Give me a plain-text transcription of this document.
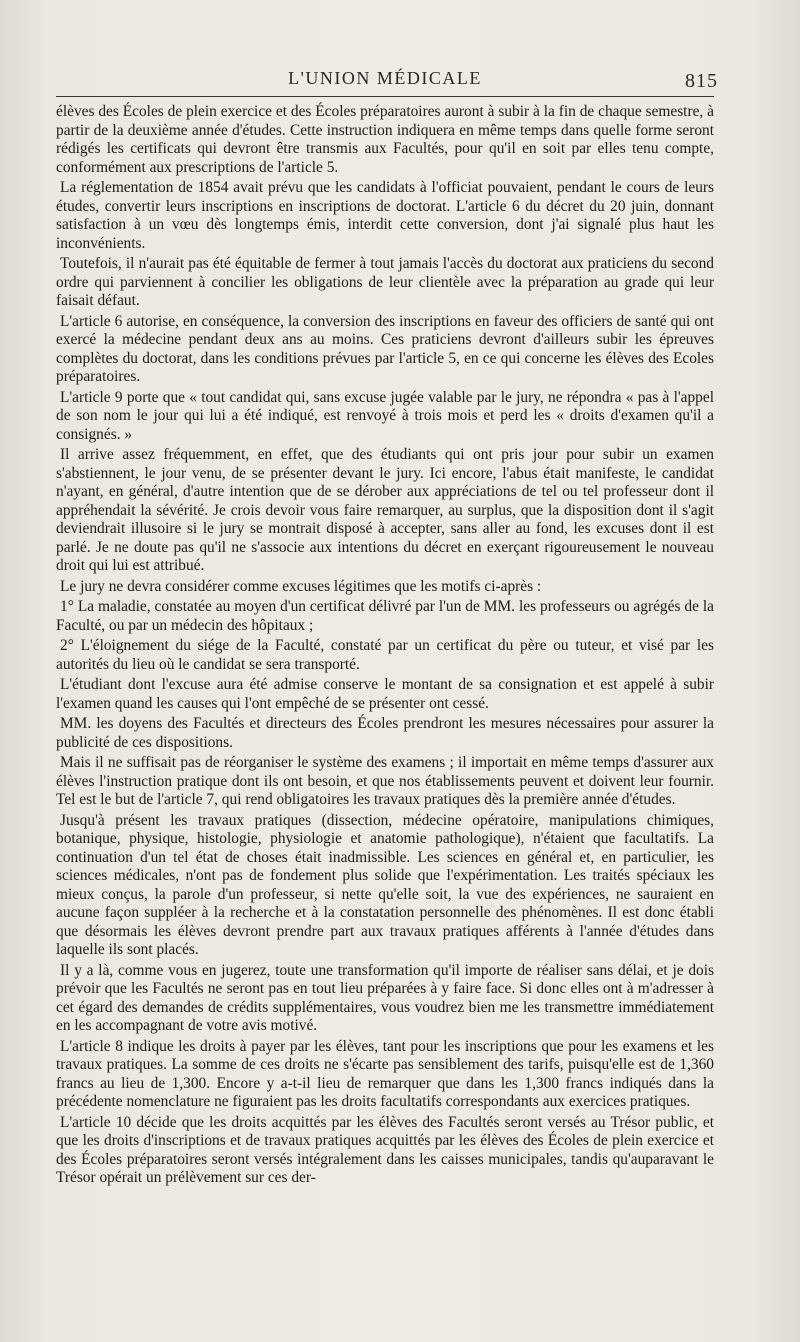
L'UNION MÉDICALE	815

élèves des Écoles de plein exercice et des Écoles préparatoires auront à subir à la fin de chaque semestre, à partir de la deuxième année d'études. Cette instruction indiquera en même temps dans quelle forme seront rédigés les certificats qui devront être transmis aux Facultés, pour qu'il en soit par elles tenu compte, conformément aux prescriptions de l'article 5.

La réglementation de 1854 avait prévu que les candidats à l'officiat pouvaient, pendant le cours de leurs études, convertir leurs inscriptions en inscriptions de doctorat. L'article 6 du décret du 20 juin, donnant satisfaction à un vœu dès longtemps émis, interdit cette conversion, dont j'ai signalé plus haut les inconvénients.

Toutefois, il n'aurait pas été équitable de fermer à tout jamais l'accès du doctorat aux praticiens du second ordre qui parviennent à concilier les obligations de leur clientèle avec la préparation au grade qui leur faisait défaut.

L'article 6 autorise, en conséquence, la conversion des inscriptions en faveur des officiers de santé qui ont exercé la médecine pendant deux ans au moins. Ces praticiens devront d'ailleurs subir les épreuves complètes du doctorat, dans les conditions prévues par l'article 5, en ce qui concerne les élèves des Ecoles préparatoires.

L'article 9 porte que « tout candidat qui, sans excuse jugée valable par le jury, ne répondra « pas à l'appel de son nom le jour qui lui a été indiqué, est renvoyé à trois mois et perd les « droits d'examen qu'il a consignés. »

Il arrive assez fréquemment, en effet, que des étudiants qui ont pris jour pour subir un examen s'abstiennent, le jour venu, de se présenter devant le jury. Ici encore, l'abus était manifeste, le candidat n'ayant, en général, d'autre intention que de se dérober aux appréciations de tel ou tel professeur dont il appréhendait la sévérité. Je crois devoir vous faire remarquer, au surplus, que la disposition dont il s'agit deviendrait illusoire si le jury se montrait disposé à accepter, sans aller au fond, les excuses dont il est parlé. Je ne doute pas qu'il ne s'associe aux intentions du décret en exerçant rigoureusement le nouveau droit qui lui est attribué.

Le jury ne devra considérer comme excuses légitimes que les motifs ci-après :

1° La maladie, constatée au moyen d'un certificat délivré par l'un de MM. les professeurs ou agrégés de la Faculté, ou par un médecin des hôpitaux ;

2° L'éloignement du siége de la Faculté, constaté par un certificat du père ou tuteur, et visé par les autorités du lieu où le candidat se sera transporté.

L'étudiant dont l'excuse aura été admise conserve le montant de sa consignation et est appelé à subir l'examen quand les causes qui l'ont empêché de se présenter ont cessé.

MM. les doyens des Facultés et directeurs des Écoles prendront les mesures nécessaires pour assurer la publicité de ces dispositions.

Mais il ne suffisait pas de réorganiser le système des examens ; il importait en même temps d'assurer aux élèves l'instruction pratique dont ils ont besoin, et que nos établissements peuvent et doivent leur fournir. Tel est le but de l'article 7, qui rend obligatoires les travaux pratiques dès la première année d'études.

Jusqu'à présent les travaux pratiques (dissection, médecine opératoire, manipulations chimiques, botanique, physique, histologie, physiologie et anatomie pathologique), n'étaient que facultatifs. La continuation d'un tel état de choses était inadmissible. Les sciences en général et, en particulier, les sciences médicales, n'ont pas de fondement plus solide que l'expérimentation. Les traités spéciaux les mieux conçus, la parole d'un professeur, si nette qu'elle soit, la vue des expériences, ne sauraient en aucune façon suppléer à la recherche et à la constatation personnelle des phénomènes. Il est donc établi que désormais les élèves devront prendre part aux travaux pratiques afférents à l'année d'études dans laquelle ils sont placés.

Il y a là, comme vous en jugerez, toute une transformation qu'il importe de réaliser sans délai, et je dois prévoir que les Facultés ne seront pas en tout lieu préparées à y faire face. Si donc elles ont à m'adresser à cet égard des demandes de crédits supplémentaires, vous voudrez bien me les transmettre immédiatement en les accompagnant de votre avis motivé.

L'article 8 indique les droits à payer par les élèves, tant pour les inscriptions que pour les examens et les travaux pratiques. La somme de ces droits ne s'écarte pas sensiblement des tarifs, puisqu'elle est de 1,360 francs au lieu de 1,300. Encore y a-t-il lieu de remarquer que dans les 1,300 francs indiqués dans la précédente nomenclature ne figuraient pas les droits facultatifs correspondants aux exercices pratiques.

L'article 10 décide que les droits acquittés par les élèves des Facultés seront versés au Trésor public, et que les droits d'inscriptions et de travaux pratiques acquittés par les élèves des Écoles de plein exercice et des Écoles préparatoires seront versés intégralement dans les caisses municipales, tandis qu'auparavant le Trésor opérait un prélèvement sur ces der-
